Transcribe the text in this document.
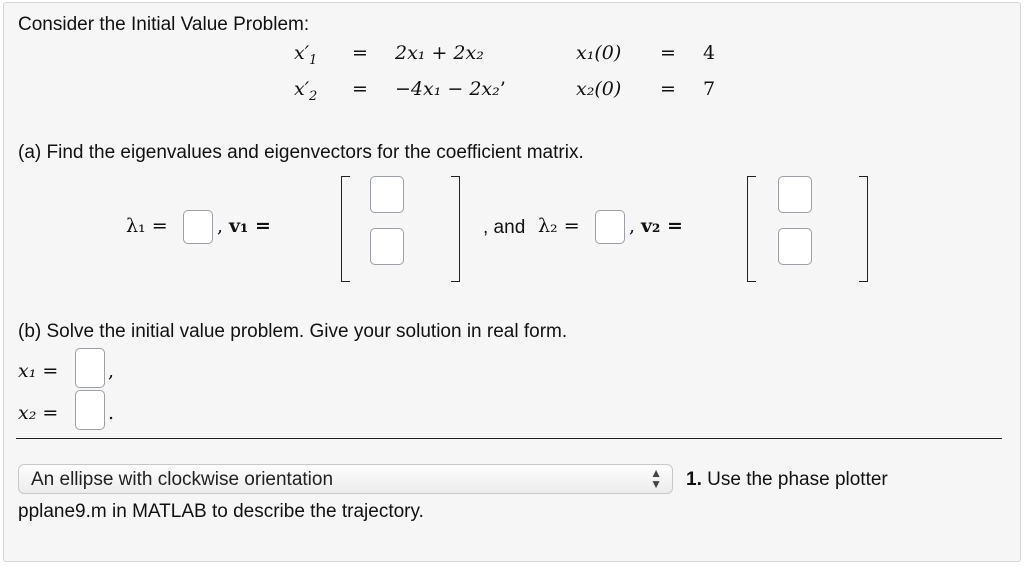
Consider the Initial Value Problem:
$x'_1 = 2x_1 + 2x_2$	x₁(0) = 4
$x'_2 = -4x_1 - 2x_2$’	x₂(0) = 7
(a) Find the eigenvalues and eigenvectors for the coefficient matrix.
λ₁ =	, v₁ =	, and λ₂ =	, v₂ =
(b) Solve the initial value problem. Give your solution in real form.
x₁ =	,
x₂ =	.
An ellipse with clockwise orientation	▲
▼ 1. Use the phase plotter
pplane9.m in MATLAB to describe the trajectory.
